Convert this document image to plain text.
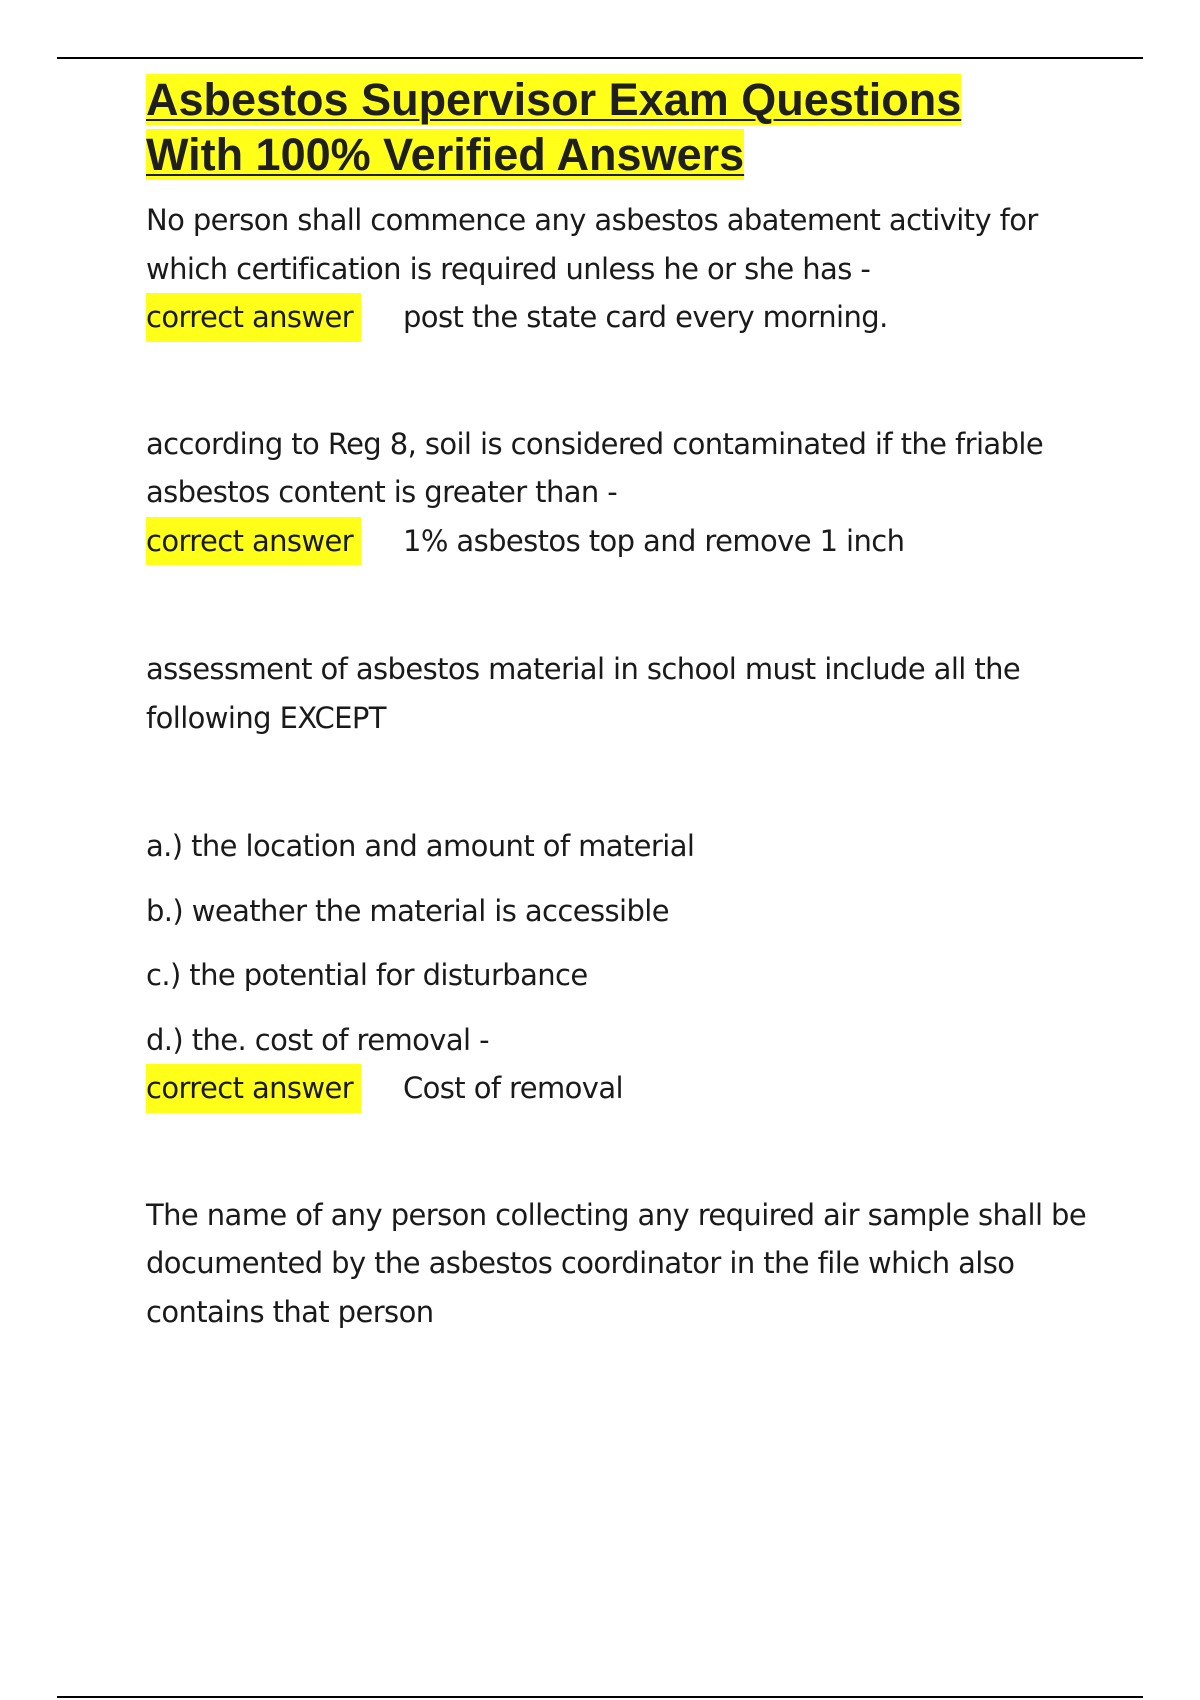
Asbestos Supervisor Exam Questions
With 100% Verified Answers

No person shall commence any asbestos abatement activity for

which certification is required unless he or she has -

correct answer post the state card every morning.

according to Reg 8, soil is considered contaminated if the friable

asbestos content is greater than -

correct answer 1% asbestos top and remove 1 inch

assessment of asbestos material in school must include all the

following EXCEPT

a.) the location and amount of material

b.) weather the material is accessible

c.) the potential for disturbance

d.) the. cost of removal -

correct answer Cost of removal

The name of any person collecting any required air sample shall be

documented by the asbestos coordinator in the file which also

contains that person
